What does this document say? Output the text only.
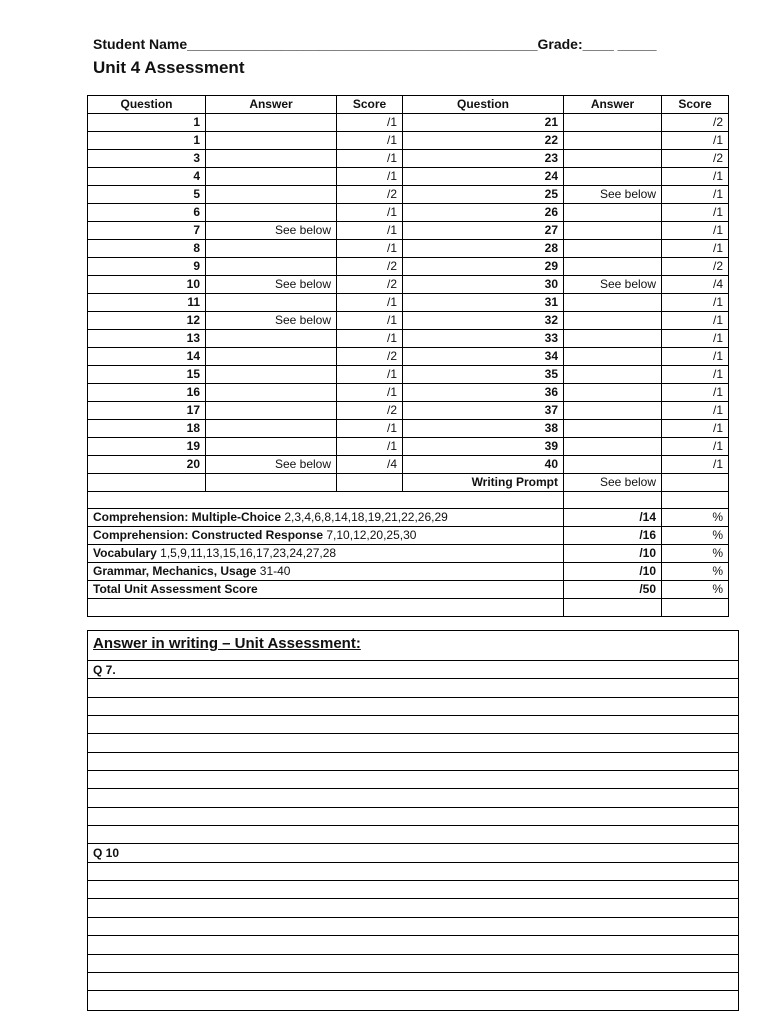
Student Name_____________________________________________Grade:____ _____
Unit 4 Assessment
Question	Answer	Score	Question	Answer	Score
1		/1	21		/2
1		/1	22		/1
3		/1	23		/2
4		/1	24		/1
5		/2	25	See below	/1
6		/1	26		/1
7	See below	/1	27		/1
8		/1	28		/1
9		/2	29		/2
10	See below	/2	30	See below	/4
11		/1	31		/1
12	See below	/1	32		/1
13		/1	33		/1
14		/2	34		/1
15		/1	35		/1
16		/1	36		/1
17		/2	37		/1
18		/1	38		/1
19		/1	39		/1
20	See below	/4	40		/1
			Writing Prompt	See below	

Comprehension: Multiple-Choice 2,3,4,6,8,14,18,19,21,22,26,29				/14	%
Comprehension: Constructed Response 7,10,12,20,25,30				/16	%
Vocabulary 1,5,9,11,13,15,16,17,23,24,27,28				/10	%
Grammar, Mechanics, Usage 31-40				/10	%
Total Unit Assessment Score				/50	%

Answer in writing – Unit Assessment:
Q 7.
Q 10
